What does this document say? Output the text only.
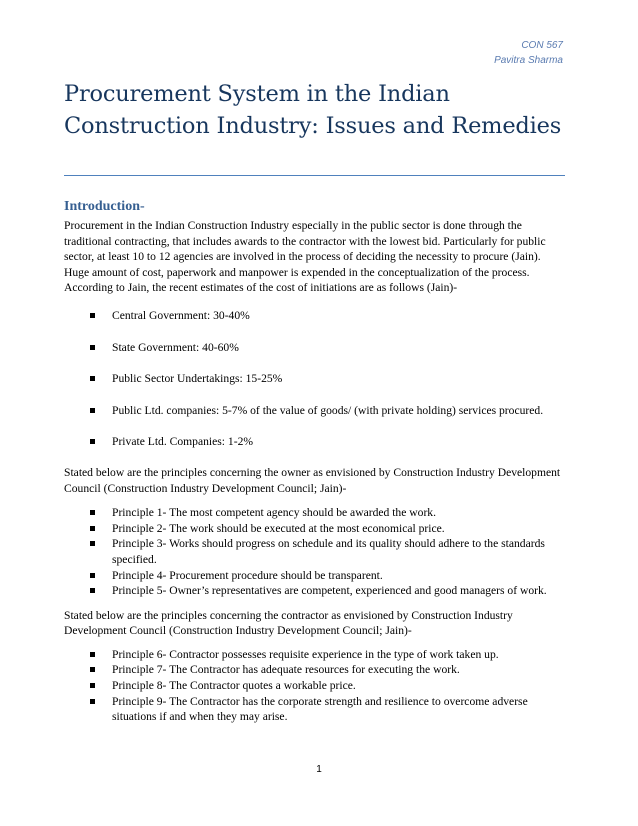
CON 567
Pavitra Sharma
Procurement System in the Indian Construction Industry: Issues and Remedies
Introduction-

Procurement in the Indian Construction Industry especially in the public sector is done through the traditional contracting, that includes awards to the contractor with the lowest bid. Particularly for public sector, at least 10 to 12 agencies are involved in the process of deciding the necessity to procure (Jain). Huge amount of cost, paperwork and manpower is expended in the conceptualization of the process. According to Jain, the recent estimates of the cost of initiations are as follows (Jain)-

Central Government: 30-40%
State Government: 40-60%
Public Sector Undertakings: 15-25%
Public Ltd. companies: 5-7% of the value of goods/ (with private holding) services procured.
Private Ltd. Companies: 1-2%

Stated below are the principles concerning the owner as envisioned by Construction Industry Development Council (Construction Industry Development Council; Jain)-

Principle 1- The most competent agency should be awarded the work.
Principle 2- The work should be executed at the most economical price.
Principle 3- Works should progress on schedule and its quality should adhere to the standards specified.
Principle 4- Procurement procedure should be transparent.
Principle 5- Owner’s representatives are competent, experienced and good managers of work.

Stated below are the principles concerning the contractor as envisioned by Construction Industry Development Council (Construction Industry Development Council; Jain)-

Principle 6- Contractor possesses requisite experience in the type of work taken up.
Principle 7- The Contractor has adequate resources for executing the work.
Principle 8- The Contractor quotes a workable price.
Principle 9- The Contractor has the corporate strength and resilience to overcome adverse situations if and when they may arise.
1
